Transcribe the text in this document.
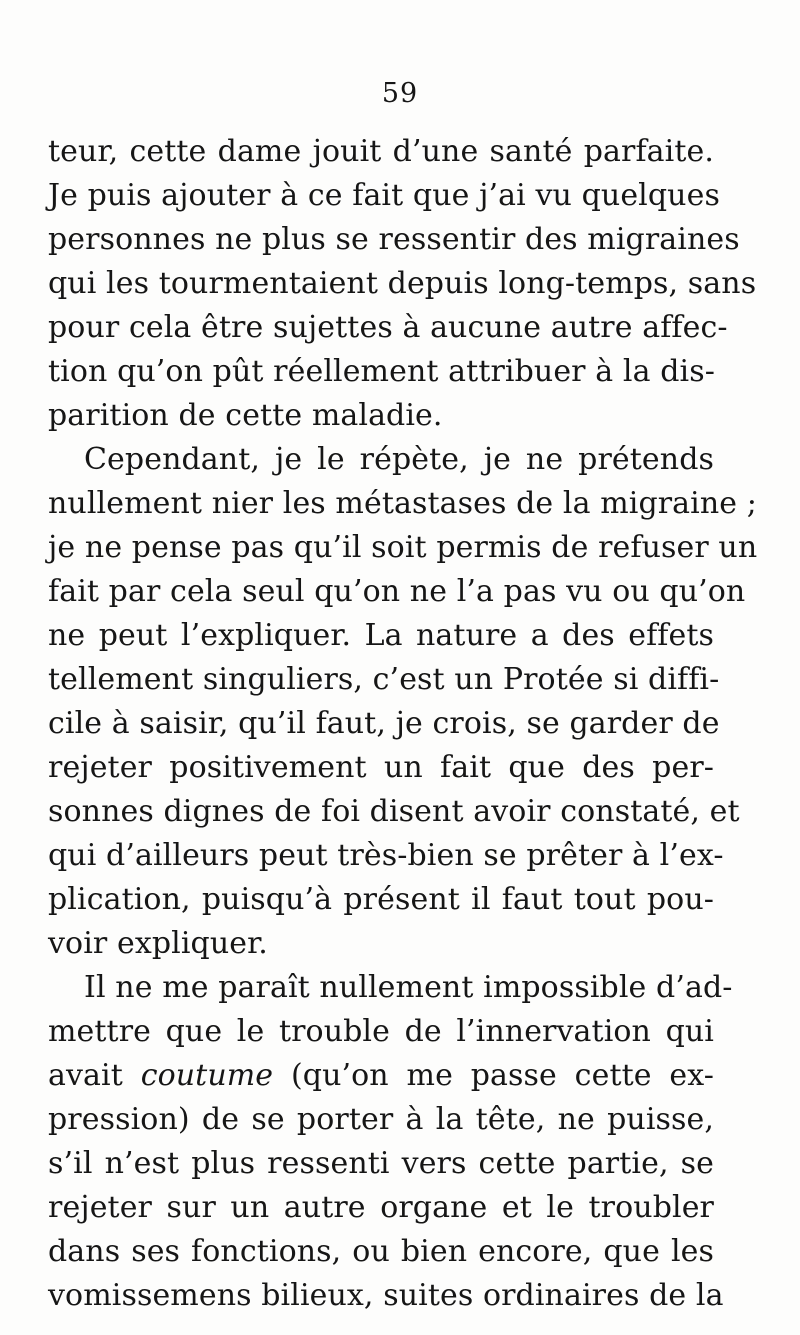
59
teur, cette dame jouit d’une santé parfaite.
Je puis ajouter à ce fait que j’ai vu quelques
personnes ne plus se ressentir des migraines
qui les tourmentaient depuis long-temps, sans
pour cela être sujettes à aucune autre affec-
tion qu’on pût réellement attribuer à la dis-
parition de cette maladie.
Cependant, je le répète, je ne prétends
nullement nier les métastases de la migraine ;
je ne pense pas qu’il soit permis de refuser un
fait par cela seul qu’on ne l’a pas vu ou qu’on
ne peut l’expliquer. La nature a des effets
tellement singuliers, c’est un Protée si diffi-
cile à saisir, qu’il faut, je crois, se garder de
rejeter positivement un fait que des per-
sonnes dignes de foi disent avoir constaté, et
qui d’ailleurs peut très-bien se prêter à l’ex-
plication, puisqu’à présent il faut tout pou-
voir expliquer.
Il ne me paraît nullement impossible d’ad-
mettre que le trouble de l’innervation qui
avait coutume (qu’on me passe cette ex-
pression) de se porter à la tête, ne puisse,
s’il n’est plus ressenti vers cette partie, se
rejeter sur un autre organe et le troubler
dans ses fonctions, ou bien encore, que les
vomissemens bilieux, suites ordinaires de la
